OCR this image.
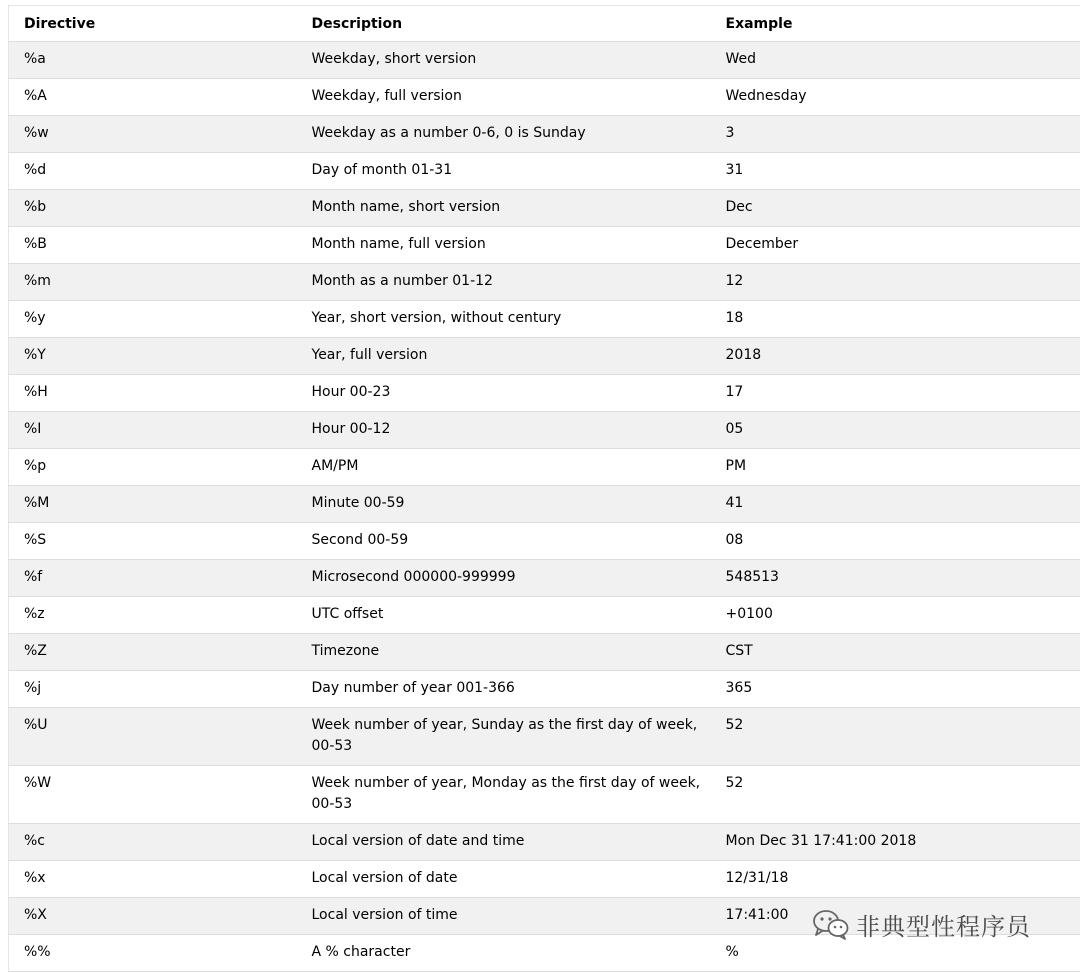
Directive	Description	Example
%a	Weekday, short version	Wed
%A	Weekday, full version	Wednesday
%w	Weekday as a number 0-6, 0 is Sunday	3
%d	Day of month 01-31	31
%b	Month name, short version	Dec
%B	Month name, full version	December
%m	Month as a number 01-12	12
%y	Year, short version, without century	18
%Y	Year, full version	2018
%H	Hour 00-23	17
%I	Hour 00-12	05
%p	AM/PM	PM
%M	Minute 00-59	41
%S	Second 00-59	08
%f	Microsecond 000000-999999	548513
%z	UTC offset	+0100
%Z	Timezone	CST
%j	Day number of year 001-366	365
%U	Week number of year, Sunday as the first day of week, 00-53	52
%W	Week number of year, Monday as the first day of week, 00-53	52
%c	Local version of date and time	Mon Dec 31 17:41:00 2018
%x	Local version of date	12/31/18
%X	Local version of time	17:41:00
%%	A % character	%
非典型性程序员
